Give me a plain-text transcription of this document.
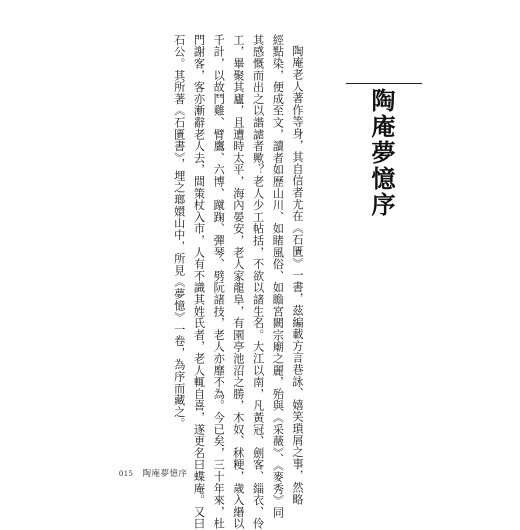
陶庵夢憶序

陶庵老人著作等身，其自信者尤在《石匱》一書，茲編載方言巷詠、嬉笑瑣屑之事，然略

經點染，便成至文，讀者如歷山川、如睹風俗、如瞻宮闕宗廟之麗，殆與《采薇》、《麥秀》同

其感慨而出之以諧謔者歟？老人少工帖括，不欲以諸生名。大江以南，凡黃冠、劍客、緇衣、伶

工，畢聚其廬，且遭時太平，海內晏安，老人家龍阜，有園亭池沼之勝，木奴、秫粳，歲入緡以

千計，以故鬥雞、臂鷹、六博、蹴踘、彈琴、劈阮諸技，老人亦靡不為。今已矣，三十年來，杜

門謝客，客亦漸辭老人去，間策杖入市，人有不識其姓氏者，老人輒自喜，遂更名曰蝶庵。又曰

石公。其所著《石匱書》，埋之瑯嬛山中，所見《夢憶》一卷，為序而藏之。

015 陶庵夢憶序
